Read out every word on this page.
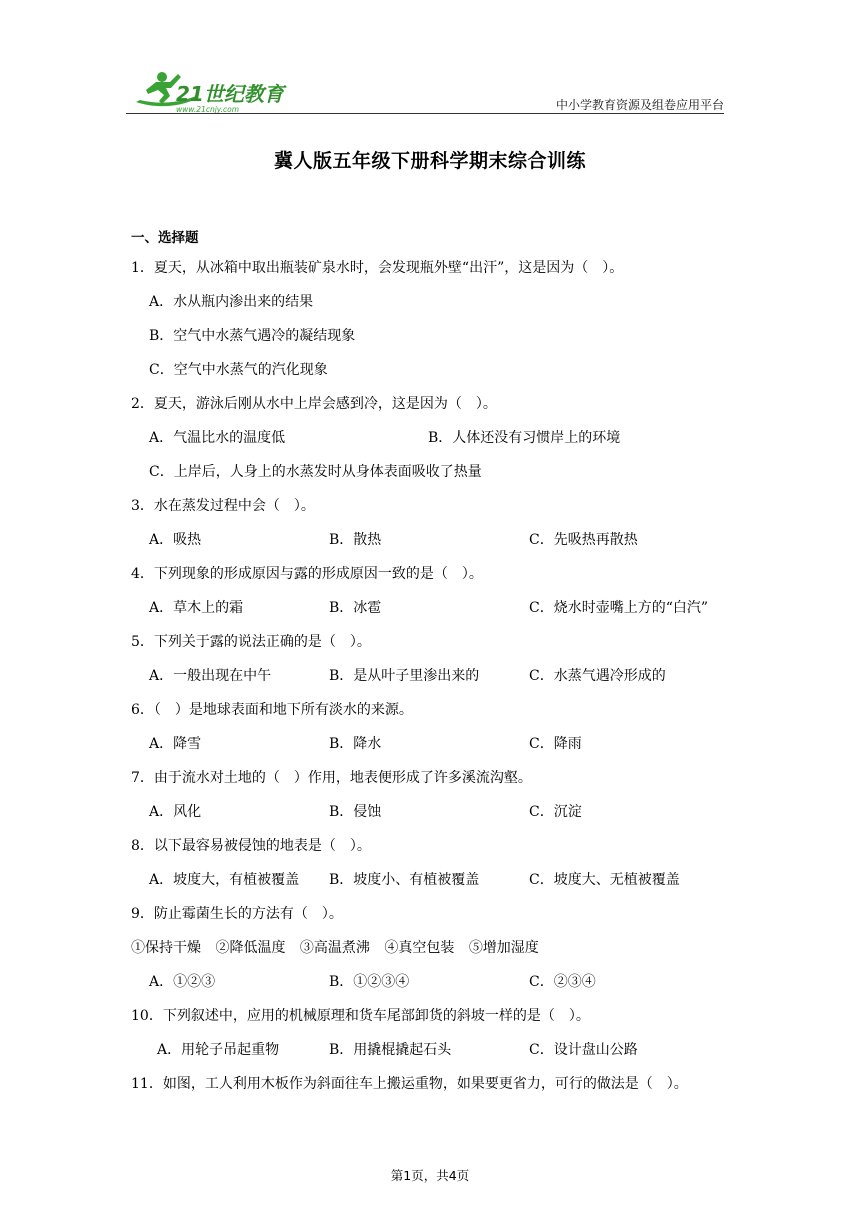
21世纪教育
www.21cnjy.com	中小学教育资源及组卷应用平台
冀人版五年级下册科学期末综合训练
一、选择题
1．夏天，从冰箱中取出瓶装矿泉水时，会发现瓶外壁“出汗”，这是因为（　）。
A．水从瓶内渗出来的结果
B．空气中水蒸气遇冷的凝结现象
C．空气中水蒸气的汽化现象
2．夏天，游泳后刚从水中上岸会感到冷，这是因为（　）。
A．气温比水的温度低	B．人体还没有习惯岸上的环境
C．上岸后，人身上的水蒸发时从身体表面吸收了热量
3．水在蒸发过程中会（　）。
A．吸热	B．散热	C．先吸热再散热
4．下列现象的形成原因与露的形成原因一致的是（　）。
A．草木上的霜	B．冰雹	C．烧水时壶嘴上方的“白汽”
5．下列关于露的说法正确的是（　）。
A．一般出现在中午	B．是从叶子里渗出来的	C．水蒸气遇冷形成的
6．（　）是地球表面和地下所有淡水的来源。
A．降雪	B．降水	C．降雨
7．由于流水对土地的（　）作用，地表便形成了许多溪流沟壑。
A．风化	B．侵蚀	C．沉淀
8．以下最容易被侵蚀的地表是（　）。
A．坡度大，有植被覆盖 B．坡度小、有植被覆盖	C．坡度大、无植被覆盖
9．防止霉菌生长的方法有（　）。
①保持干燥 ②降低温度 ③高温煮沸 ④真空包装 ⑤增加湿度
A．①②③	B．①②③④	C．②③④
10．下列叙述中，应用的机械原理和货车尾部卸货的斜坡一样的是（　）。
A．用轮子吊起重物	B．用撬棍撬起石头	C．设计盘山公路
11．如图，工人利用木板作为斜面往车上搬运重物，如果要更省力，可行的做法是（　）。
第1页，共4页
